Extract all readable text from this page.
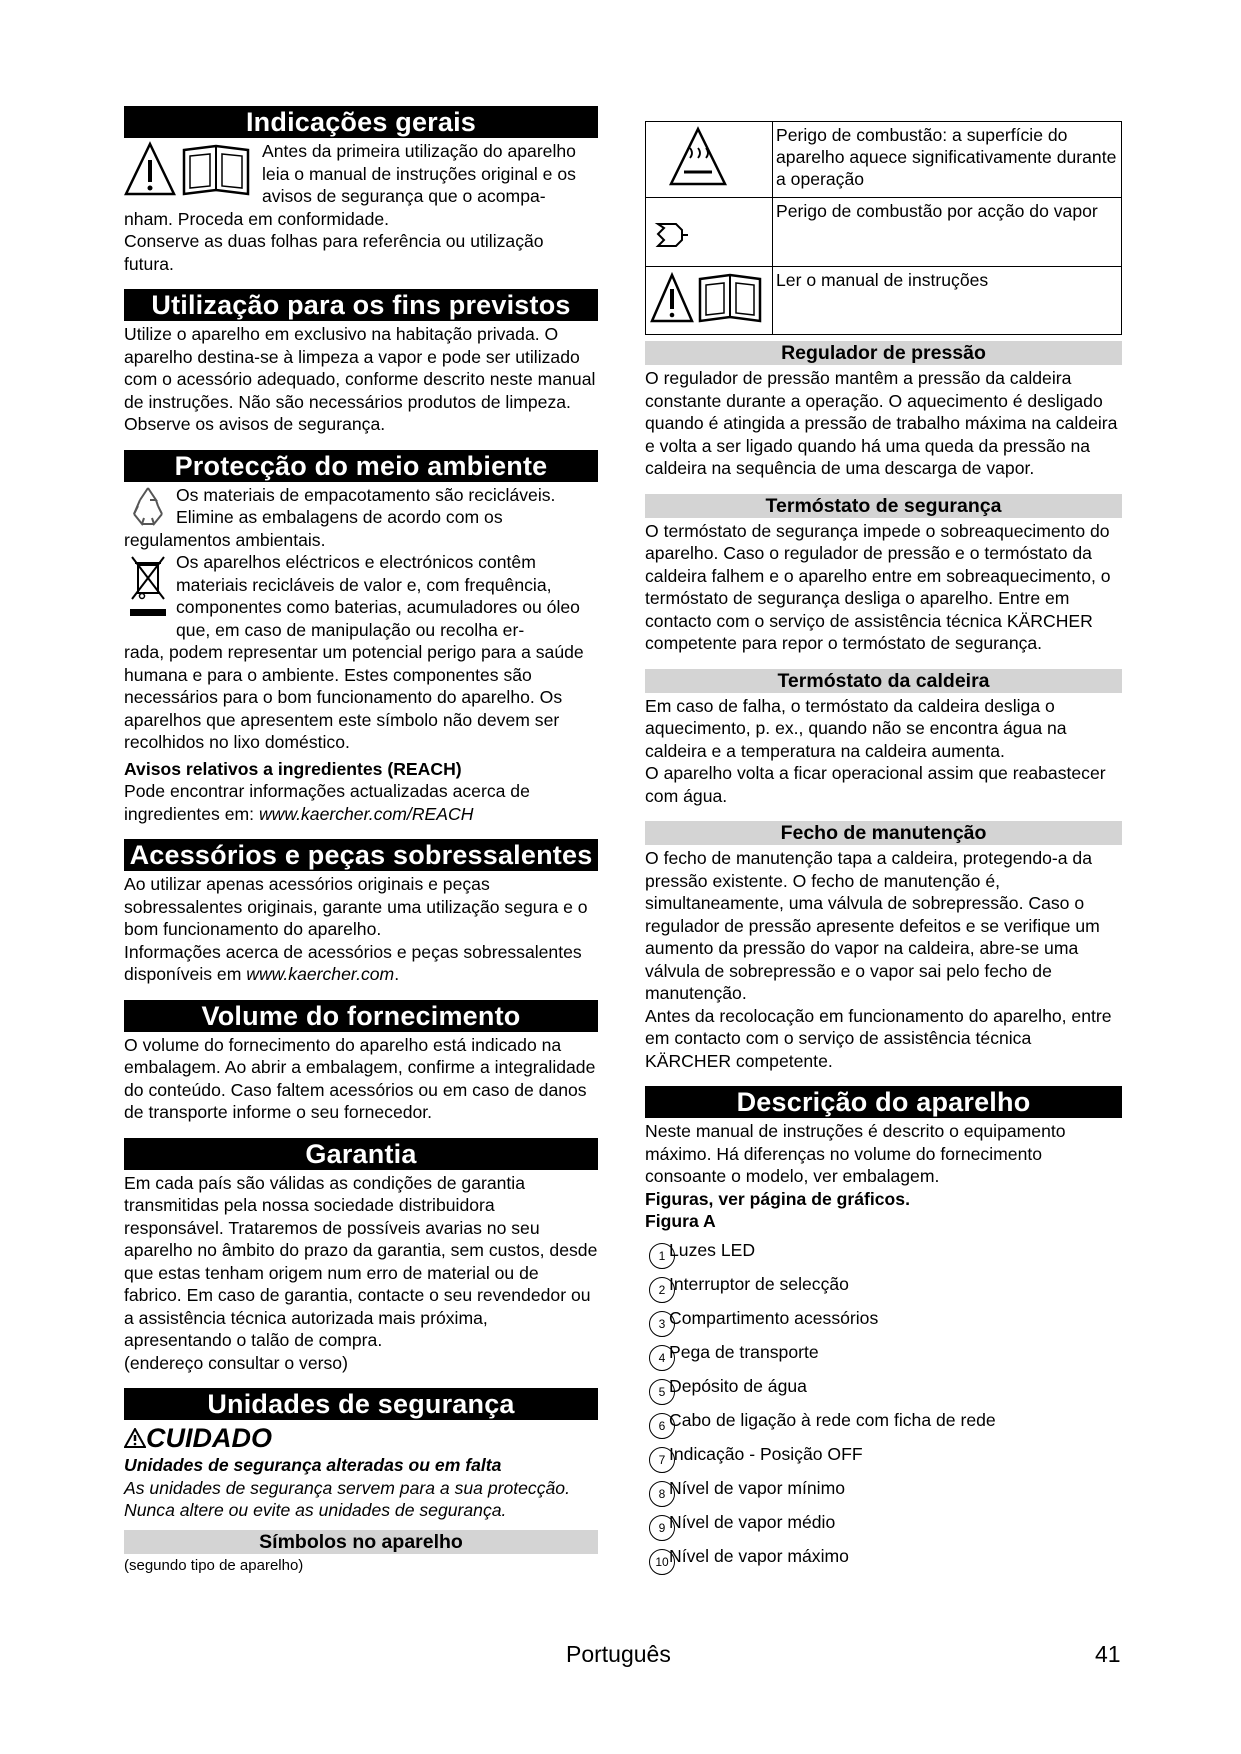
Indicações gerais

Antes da primeira utilização do aparelho leia o manual de instruções original e os avisos de segurança que o acompa-

nham. Proceda em conformidade.

Conserve as duas folhas para referência ou utilização futura.

Utilização para os fins previstos

Utilize o aparelho em exclusivo na habitação privada. O aparelho destina-se à limpeza a vapor e pode ser utilizado com o acessório adequado, conforme descrito neste manual de instruções. Não são necessários produtos de limpeza. Observe os avisos de segurança.

Protecção do meio ambiente

Os materiais de empacotamento são recicláveis. Elimine as embalagens de acordo com os regulamentos ambientais.

Os aparelhos eléctricos e electrónicos contêm materiais recicláveis de valor e, com frequência, componentes como baterias, acumuladores ou óleo que, em caso de manipulação ou recolha er-

rada, podem representar um potencial perigo para a saúde humana e para o ambiente. Estes componentes são necessários para o bom funcionamento do aparelho. Os aparelhos que apresentem este símbolo não devem ser recolhidos no lixo doméstico.

Avisos relativos a ingredientes (REACH)

Pode encontrar informações actualizadas acerca de ingredientes em: www.kaercher.com/REACH

Acessórios e peças sobressalentes

Ao utilizar apenas acessórios originais e peças sobressalentes originais, garante uma utilização segura e o bom funcionamento do aparelho.

Informações acerca de acessórios e peças sobressalentes disponíveis em www.kaercher.com.

Volume do fornecimento

O volume do fornecimento do aparelho está indicado na embalagem. Ao abrir a embalagem, confirme a integralidade do conteúdo. Caso faltem acessórios ou em caso de danos de transporte informe o seu fornecedor.

Garantia

Em cada país são válidas as condições de garantia transmitidas pela nossa sociedade distribuidora responsável. Trataremos de possíveis avarias no seu aparelho no âmbito do prazo da garantia, sem custos, desde que estas tenham origem num erro de material ou de fabrico. Em caso de garantia, contacte o seu revendedor ou a assistência técnica autorizada mais próxima, apresentando o talão de compra.

(endereço consultar o verso)

Unidades de segurança
CUIDADO

Unidades de segurança alteradas ou em falta

As unidades de segurança servem para a sua protecção.

Nunca altere ou evite as unidades de segurança.

Símbolos no aparelho

(segundo tipo de aparelho)

	Perigo de combustão: a superfície do aparelho aquece significativamente durante a operação
	Perigo de combustão por acção do vapor
	Ler o manual de instruções
Regulador de pressão

O regulador de pressão mantêm a pressão da caldeira constante durante a operação. O aquecimento é desligado quando é atingida a pressão de trabalho máxima na caldeira e volta a ser ligado quando há uma queda da pressão na caldeira na sequência de uma descarga de vapor.

Termóstato de segurança

O termóstato de segurança impede o sobreaquecimento do aparelho. Caso o regulador de pressão e o termóstato da caldeira falhem e o aparelho entre em sobreaquecimento, o termóstato de segurança desliga o aparelho. Entre em contacto com o serviço de assistência técnica KÄRCHER competente para repor o termóstato de segurança.

Termóstato da caldeira

Em caso de falha, o termóstato da caldeira desliga o aquecimento, p. ex., quando não se encontra água na caldeira e a temperatura na caldeira aumenta.

O aparelho volta a ficar operacional assim que reabastecer com água.

Fecho de manutenção

O fecho de manutenção tapa a caldeira, protegendo-a da pressão existente. O fecho de manutenção é, simultaneamente, uma válvula de sobrepressão. Caso o regulador de pressão apresente defeitos e se verifique um aumento da pressão do vapor na caldeira, abre-se uma válvula de sobrepressão e o vapor sai pelo fecho de manutenção.

Antes da recolocação em funcionamento do aparelho, entre em contacto com o serviço de assistência técnica KÄRCHER competente.

Descrição do aparelho

Neste manual de instruções é descrito o equipamento máximo. Há diferenças no volume do fornecimento consoante o modelo, ver embalagem.

Figuras, ver página de gráficos.

Figura A

1 Luzes LED
2 Interruptor de selecção
3 Compartimento acessórios
4 Pega de transporte
5 Depósito de água
6 Cabo de ligação à rede com ficha de rede
7 Indicação - Posição OFF
8 Nível de vapor mínimo
9 Nível de vapor médio
10 Nível de vapor máximo
Português	41
